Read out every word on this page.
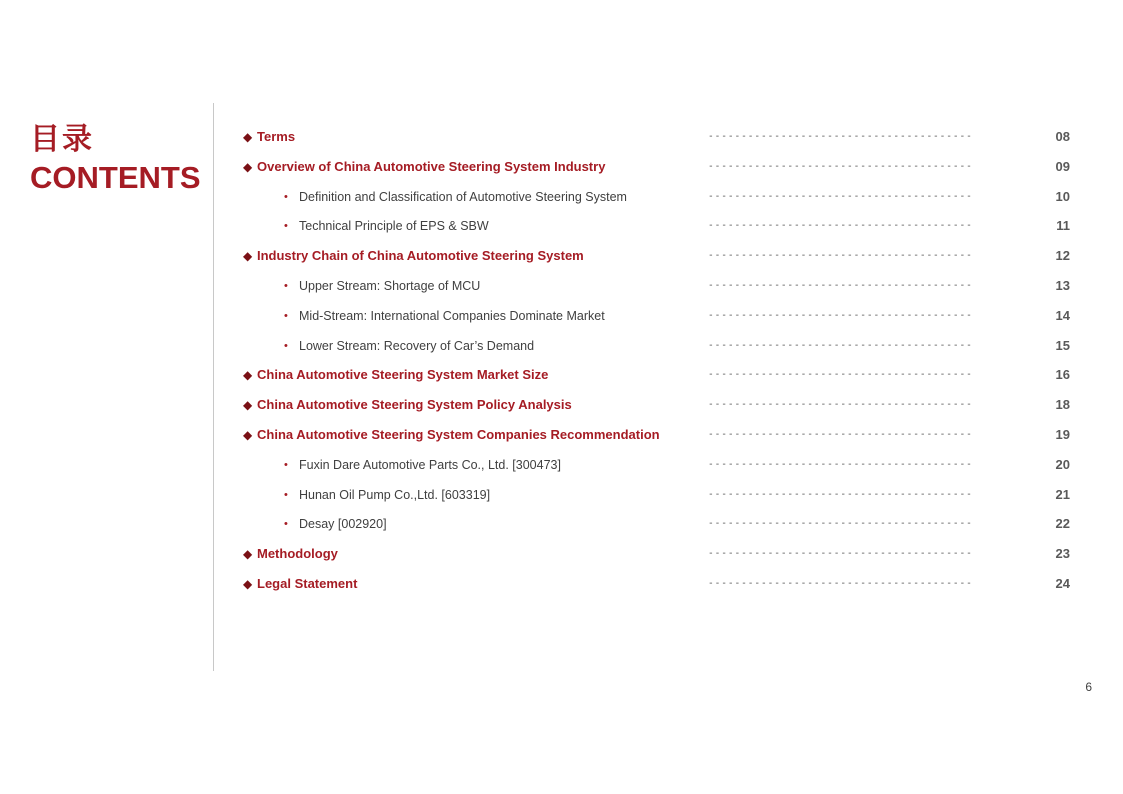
目录
CONTENTS
◆ Terms	----------------------------------------	08
◆ Overview of China Automotive Steering System Industry	----------------------------------------	09
• Definition and Classification of Automotive Steering System	----------------------------------------	10
• Technical Principle of EPS & SBW	----------------------------------------	11
◆ Industry Chain of China Automotive Steering System	----------------------------------------	12
• Upper Stream: Shortage of MCU	----------------------------------------	13
• Mid-Stream: International Companies Dominate Market	----------------------------------------	14
• Lower Stream: Recovery of Car’s Demand	----------------------------------------	15
◆ China Automotive Steering System Market Size	----------------------------------------	16
◆ China Automotive Steering System Policy Analysis	----------------------------------------	18
◆ China Automotive Steering System Companies Recommendation	----------------------------------------	19
• Fuxin Dare Automotive Parts Co., Ltd. [300473]	----------------------------------------	20
• Hunan Oil Pump Co.,Ltd. [603319]	----------------------------------------	21
• Desay [002920]	----------------------------------------	22
◆ Methodology	----------------------------------------	23
◆ Legal Statement	----------------------------------------	24
6
